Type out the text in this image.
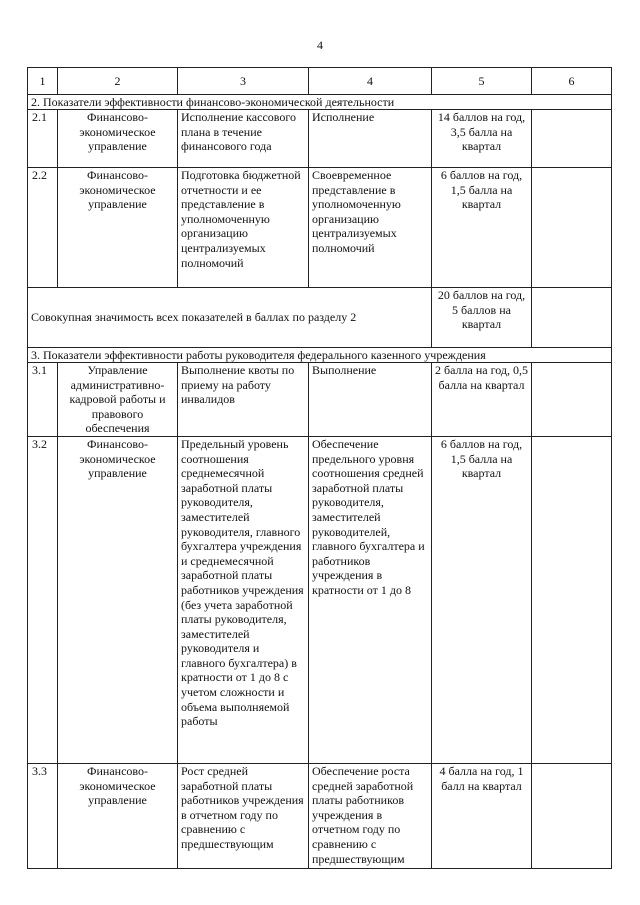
4
1	2	3	4	5	6
2. Показатели эффективности финансово-экономической деятельности					
2.1	Финансово-экономическое управление	Исполнение кассового плана в течение финансового года	Исполнение	14 баллов на год, 3,5 балла на квартал	
2.2	Финансово-экономическое управление	Подготовка бюджетной отчетности и ее представление в уполномоченную организацию централизуемых полномочий	Своевременное представление в уполномоченную организацию централизуемых полномочий	6 баллов на год, 1,5 балла на квартал	
Совокупная значимость всех показателей в баллах по разделу 2				20 баллов на год, 5 баллов на квартал	
3. Показатели эффективности работы руководителя федерального казенного учреждения					
3.1	Управление административно-кадровой работы и правового обеспечения	Выполнение квоты по приему на работу инвалидов	Выполнение	2 балла на год, 0,5 балла на квартал	
3.2	Финансово-экономическое управление	Предельный уровень соотношения среднемесячной заработной платы руководителя, заместителей руководителя, главного бухгалтера учреждения и среднемесячной заработной платы работников учреждения (без учета заработной платы руководителя, заместителей руководителя и главного бухгалтера) в кратности от 1 до 8 с учетом сложности и объема выполняемой работы	Обеспечение предельного уровня соотношения средней заработной платы руководителя, заместителей руководителей, главного бухгалтера и работников учреждения в кратности от 1 до 8	6 баллов на год, 1,5 балла на квартал	
3.3	Финансово-экономическое управление	Рост средней заработной платы работников учреждения в отчетном году по сравнению с предшествующим	Обеспечение роста средней заработной платы работников учреждения в отчетном году по сравнению с предшествующим	4 балла на год, 1 балл на квартал	
